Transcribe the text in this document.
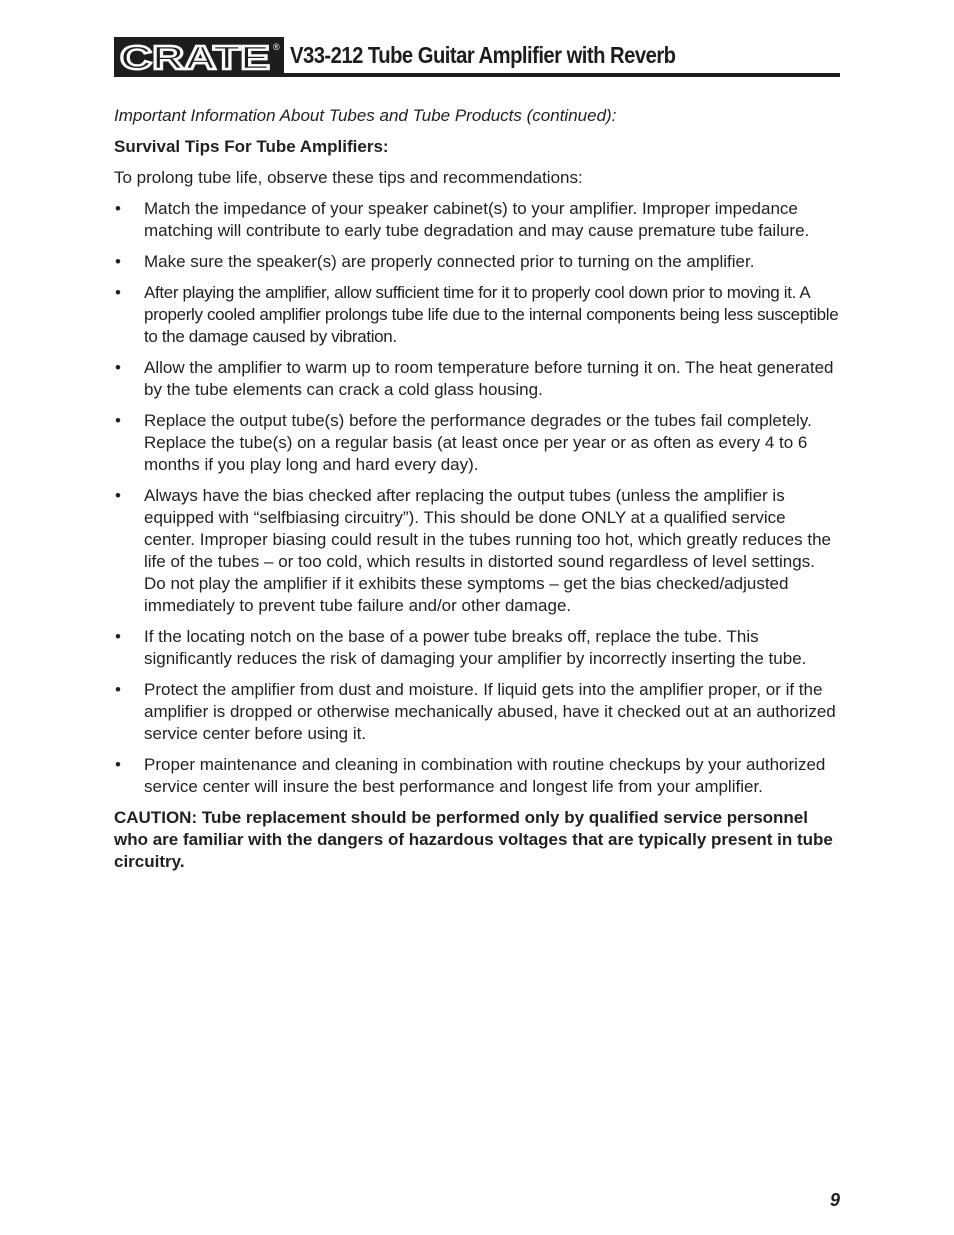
CRATE ® V33-212 Tube Guitar Amplifier with Reverb

Important Information About Tubes and Tube Products (continued):

Survival Tips For Tube Amplifiers:

To prolong tube life, observe these tips and recommendations:

• Match the impedance of your speaker cabinet(s) to your amplifier. Improper impedance matching will contribute to early tube degradation and may cause premature tube failure.
• Make sure the speaker(s) are properly connected prior to turning on the amplifier.
• After playing the amplifier, allow sufficient time for it to properly cool down prior to moving it. A properly cooled amplifier prolongs tube life due to the internal components being less susceptible to the damage caused by vibration.
• Allow the amplifier to warm up to room temperature before turning it on. The heat generated by the tube elements can crack a cold glass housing.
• Replace the output tube(s) before the performance degrades or the tubes fail completely. Replace the tube(s) on a regular basis (at least once per year or as often as every 4 to 6 months if you play long and hard every day).
• Always have the bias checked after replacing the output tubes (unless the amplifier is equipped with “selfbiasing circuitry”). This should be done ONLY at a qualified service center. Improper biasing could result in the tubes running too hot, which greatly reduces the life of the tubes – or too cold, which results in distorted sound regardless of level settings. Do not play the amplifier if it exhibits these symptoms – get the bias checked/adjusted immediately to prevent tube failure and/or other damage.
• If the locating notch on the base of a power tube breaks off, replace the tube. This significantly reduces the risk of damaging your amplifier by incorrectly inserting the tube.
• Protect the amplifier from dust and moisture. If liquid gets into the amplifier proper, or if the amplifier is dropped or otherwise mechanically abused, have it checked out at an authorized service center before using it.
• Proper maintenance and cleaning in combination with routine checkups by your authorized service center will insure the best performance and longest life from your amplifier.

CAUTION: Tube replacement should be performed only by qualified service personnel who are familiar with the dangers of hazardous voltages that are typically present in tube circuitry.

9
